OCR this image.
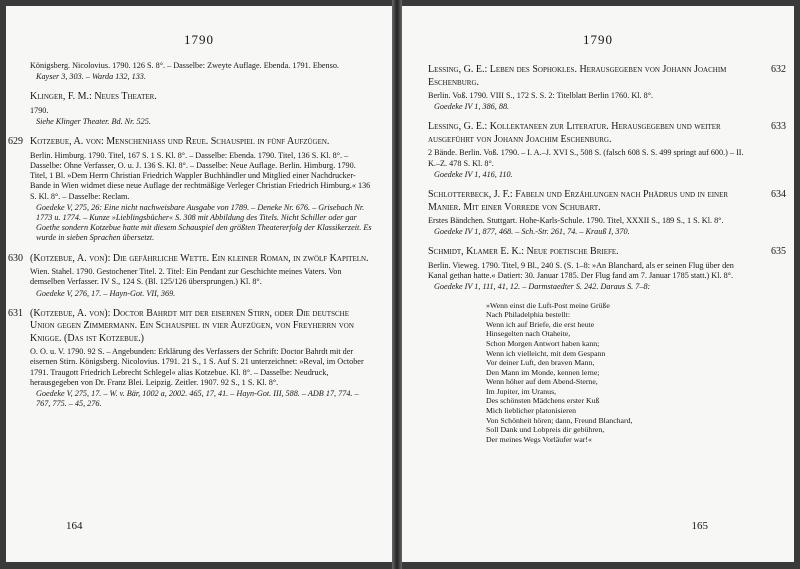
1790

Königsberg. Nicolovius. 1790. 126 S. 8°. – Dasselbe: Zweyte Auflage. Ebenda. 1791. Ebenso.

Kayser 3, 303. – Warda 132, 133.

Klinger, F. M.: Neues Theater.

1790.

Siehe Klinger Theater. Bd. Nr. 525.

629 Kotzebue, A. von: Menschenhaß und Reue. Schauspiel in fünf Aufzügen.

Berlin. Himburg. 1790. Titel, 167 S. 1 S. Kl. 8°. – Dasselbe: Ebenda. 1790. Titel, 136 S. Kl. 8°. – Dasselbe: Ohne Verfasser, O. u. J. 136 S. Kl. 8°. – Dasselbe: Neue Auflage. Berlin. Himburg. 1790. Titel, 1 Bl. »Dem Herrn Christian Friedrich Wappler Buchhändler und Mitglied einer Nachdrucker-Bande in Wien widmet diese neue Auflage der rechtmäßige Verleger Christian Friedrich Himburg.« 136 S. Kl. 8°. – Dasselbe: Reclam.

Goedeke V, 275, 26: Eine nicht nachweisbare Ausgabe von 1789. – Deneke Nr. 676. – Grisebach Nr. 1773 u. 1774. – Kunze »Lieblingsbücher« S. 308 mit Abbildung des Titels. Nicht Schiller oder gar Goethe sondern Kotzebue hatte mit diesem Schauspiel den größten Theatererfolg der Klassikerzeit. Es wurde in sieben Sprachen übersetzt.

630 (Kotzebue, A. von): Die gefährliche Wette. Ein kleiner Roman, in zwölf Kapiteln.

Wien. Stahel. 1790. Gestochener Titel. 2. Titel: Ein Pendant zur Geschichte meines Vaters. Von demselben Verfasser. IV S., 124 S. (Bl. 125/126 übersprungen.) Kl. 8°.

Goedeke V, 276, 17. – Hayn-Got. VII, 369.

631 (Kotzebue, A. von): Doctor Bahrdt mit der eisernen Stirn, oder Die deutsche Union gegen Zimmermann. Ein Schauspiel in vier Aufzügen, von Freyherrn von Knigge. (Das ist Kotzebue.)

O. O. u. V. 1790. 92 S. – Angebunden: Erklärung des Verfassers der Schrift: Doctor Bahrdt mit der eisernen Stirn. Königsberg. Nicolovius. 1791. 21 S., 1 S. Auf S. 21 unterzeichnet: »Reval, im October 1791. Traugott Friedrich Lebrecht Schlegel« alias Kotzebue. Kl. 8°. – Dasselbe: Neudruck, herausgegeben von Dr. Franz Blei. Leipzig. Zeitler. 1907. 92 S., 1 S. Kl. 8°.

Goedeke V, 275, 17. – W. v. Bär, 1002 a, 2002. 465, 17, 41. – Hayn-Got. III, 588. – ADB 17, 774. – 767, 775. – 45, 276.

164
1790
632
Lessing, G. E.: Leben des Sophokles. Herausgegeben von Johann Joachim Eschenburg.

Berlin. Voß. 1790. VIII S., 172 S. S. 2: Titelblatt Berlin 1760. Kl. 8°.

Goedeke IV 1, 386, 88.

633
Lessing, G. E.: Kollektaneen zur Literatur. Herausgegeben und weiter ausgeführt von Johann Joachim Eschenburg.

2 Bände. Berlin. Voß. 1790. – I. A.–J. XVI S., 508 S. (falsch 608 S. S. 499 springt auf 600.) – II. K.–Z. 478 S. Kl. 8°.

Goedeke IV 1, 416, 110.

634
Schlotterbeck, J. F.: Fabeln und Erzählungen nach Phädrus und in einer Manier. Mit einer Vorrede von Schubart.

Erstes Bändchen. Stuttgart. Hohe-Karls-Schule. 1790. Titel, XXXII S., 189 S., 1 S. Kl. 8°.

Goedeke IV 1, 877, 468. – Sch.-Str. 261, 74. – Krauß I, 370.

635
Schmidt, Klamer E. K.: Neue poetische Briefe.

Berlin. Vieweg. 1790. Titel, 9 Bl., 240 S. (S. 1–8: »An Blanchard, als er seinen Flug über den Kanal gethan hatte.« Datiert: 30. Januar 1785. Der Flug fand am 7. Januar 1785 statt.) Kl. 8°.

Goedeke IV 1, 111, 41, 12. – Darmstaedter S. 242. Daraus S. 7–8:

»Wenn einst die Luft-Post meine Grüße
Nach Philadelphia bestellt:
Wenn ich auf Briefe, die erst heute
Hinsegelten nach Otaheite,
Schon Morgen Antwort haben kann;
Wenn ich vielleicht, mit dem Gespann
Vor deiner Luft, den braven Mann,
Den Mann im Monde, kennen lerne;
Wenn höher auf dem Abend-Sterne,
Im Jupiter, im Uranus,
Des schönsten Mädchens erster Kuß
Mich lieblicher platonisieren
Von Schönheit hören; dann, Freund Blanchard,
Soll Dank und Lobpreis dir gebühren,
Der meines Wegs Vorläufer war!«
165
